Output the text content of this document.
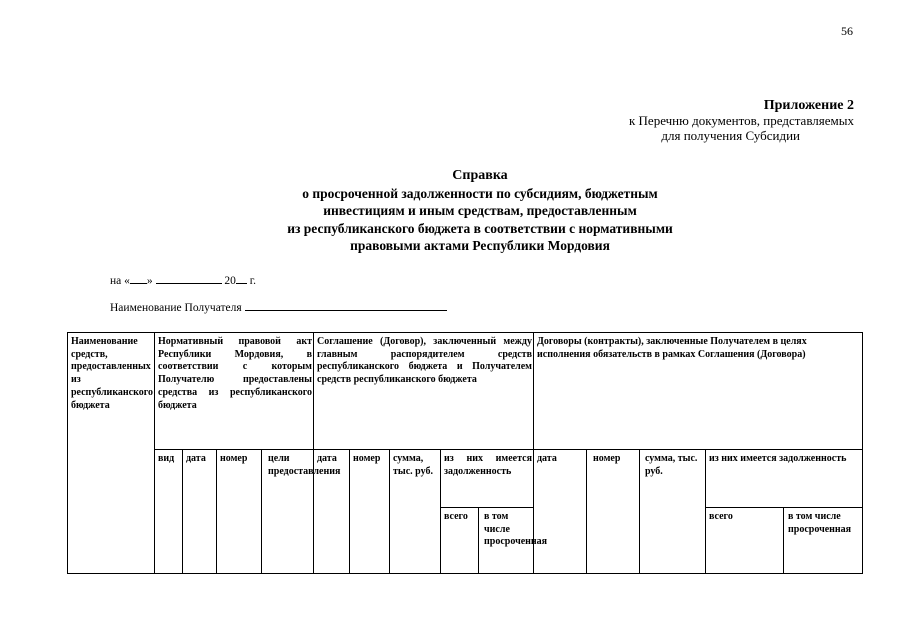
56
Приложение 2
к Перечню документов, представляемых
для получения Субсидии
Справка
о просроченной задолженности по субсидиям, бюджетным
инвестициям и иным средствам, предоставленным
из республиканского бюджета в соответствии с нормативными
правовыми актами Республики Мордовия
на « »	20 г.
Наименование Получателя
Наименование средств, предоставленных из республиканского бюджета
Нормативный правовой акт Республики Мордовия, в соответствии с которым Получателю предоставлены средства из республиканского бюджета
Соглашение (Договор), заключенный между главным распорядителем средств республиканского бюджета и Получателем средств республиканского бюджета
Договоры (контракты), заключенные Получателем в целях исполнения обязательств в рамках Соглашения (Договора)
вид	дата	номер	цели предоставления
дата	номер	сумма, тыс. руб.
из них имеется задолженность
всего	в том числе просроченная
дата	номер	сумма, тыс. руб.
из них имеется задолженность
всего	в том числе просроченная
